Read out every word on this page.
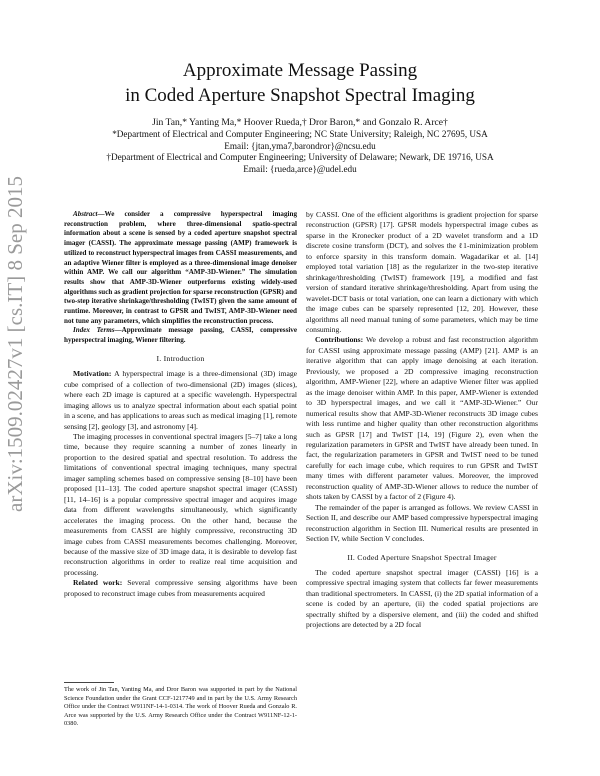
arXiv:1509.02427v1 [cs.IT] 8 Sep 2015
Approximate Message Passing
in Coded Aperture Snapshot Spectral Imaging
Jin Tan,* Yanting Ma,* Hoover Rueda,† Dror Baron,* and Gonzalo R. Arce†
*Department of Electrical and Computer Engineering; NC State University; Raleigh, NC 27695, USA
Email: {jtan,yma7,barondror}@ncsu.edu
†Department of Electrical and Computer Engineering; University of Delaware; Newark, DE 19716, USA
Email: {rueda,arce}@udel.edu

Abstract—We consider a compressive hyperspectral imaging reconstruction problem, where three-dimensional spatio-spectral information about a scene is sensed by a coded aperture snapshot spectral imager (CASSI). The approximate message passing (AMP) framework is utilized to reconstruct hyperspectral images from CASSI measurements, and an adaptive Wiener filter is employed as a three-dimensional image denoiser within AMP. We call our algorithm “AMP-3D-Wiener.” The simulation results show that AMP-3D-Wiener outperforms existing widely-used algorithms such as gradient projection for sparse reconstruction (GPSR) and two-step iterative shrinkage/thresholding (TwIST) given the same amount of runtime. Moreover, in contrast to GPSR and TwIST, AMP-3D-Wiener need not tune any parameters, which simplifies the reconstruction process.

Index Terms—Approximate message passing, CASSI, compressive hyperspectral imaging, Wiener filtering.

I. Introduction

Motivation: A hyperspectral image is a three-dimensional (3D) image cube comprised of a collection of two-dimensional (2D) images (slices), where each 2D image is captured at a specific wavelength. Hyperspectral imaging allows us to analyze spectral information about each spatial point in a scene, and has applications to areas such as medical imaging [1], remote sensing [2], geology [3], and astronomy [4].

The imaging processes in conventional spectral imagers [5–7] take a long time, because they require scanning a number of zones linearly in proportion to the desired spatial and spectral resolution. To address the limitations of conventional spectral imaging techniques, many spectral imager sampling schemes based on compressive sensing [8–10] have been proposed [11–13]. The coded aperture snapshot spectral imager (CASSI) [11, 14–16] is a popular compressive spectral imager and acquires image data from different wavelengths simultaneously, which significantly accelerates the imaging process. On the other hand, because the measurements from CASSI are highly compressive, reconstructing 3D image cubes from CASSI measurements becomes challenging. Moreover, because of the massive size of 3D image data, it is desirable to develop fast reconstruction algorithms in order to realize real time acquisition and processing.

Related work: Several compressive sensing algorithms have been proposed to reconstruct image cubes from measurements acquired

The work of Jin Tan, Yanting Ma, and Dror Baron was supported in part by the National Science Foundation under the Grant CCF-1217749 and in part by the U.S. Army Research Office under the Contract W911NF-14-1-0314. The work of Hoover Rueda and Gonzalo R. Arce was supported by the U.S. Army Research Office under the Contract W911NF-12-1-0380.

by CASSI. One of the efficient algorithms is gradient projection for sparse reconstruction (GPSR) [17]. GPSR models hyperspectral image cubes as sparse in the Kronecker product of a 2D wavelet transform and a 1D discrete cosine transform (DCT), and solves the ℓ1-minimization problem to enforce sparsity in this transform domain. Wagadarikar et al. [14] employed total variation [18] as the regularizer in the two-step iterative shrinkage/thresholding (TwIST) framework [19], a modified and fast version of standard iterative shrinkage/thresholding. Apart from using the wavelet-DCT basis or total variation, one can learn a dictionary with which the image cubes can be sparsely represented [12, 20]. However, these algorithms all need manual tuning of some parameters, which may be time consuming.

Contributions: We develop a robust and fast reconstruction algorithm for CASSI using approximate message passing (AMP) [21]. AMP is an iterative algorithm that can apply image denoising at each iteration. Previously, we proposed a 2D compressive imaging reconstruction algorithm, AMP-Wiener [22], where an adaptive Wiener filter was applied as the image denoiser within AMP. In this paper, AMP-Wiener is extended to 3D hyperspectral images, and we call it “AMP-3D-Wiener.” Our numerical results show that AMP-3D-Wiener reconstructs 3D image cubes with less runtime and higher quality than other reconstruction algorithms such as GPSR [17] and TwIST [14, 19] (Figure 2), even when the regularization parameters in GPSR and TwIST have already been tuned. In fact, the regularization parameters in GPSR and TwIST need to be tuned carefully for each image cube, which requires to run GPSR and TwIST many times with different parameter values. Moreover, the improved reconstruction quality of AMP-3D-Wiener allows to reduce the number of shots taken by CASSI by a factor of 2 (Figure 4).

The remainder of the paper is arranged as follows. We review CASSI in Section II, and describe our AMP based compressive hyperspectral imaging reconstruction algorithm in Section III. Numerical results are presented in Section IV, while Section V concludes.

II. Coded Aperture Snapshot Spectral Imager

The coded aperture snapshot spectral imager (CASSI) [16] is a compressive spectral imaging system that collects far fewer measurements than traditional spectrometers. In CASSI, (i) the 2D spatial information of a scene is coded by an aperture, (ii) the coded spatial projections are spectrally shifted by a dispersive element, and (iii) the coded and shifted projections are detected by a 2D focal
